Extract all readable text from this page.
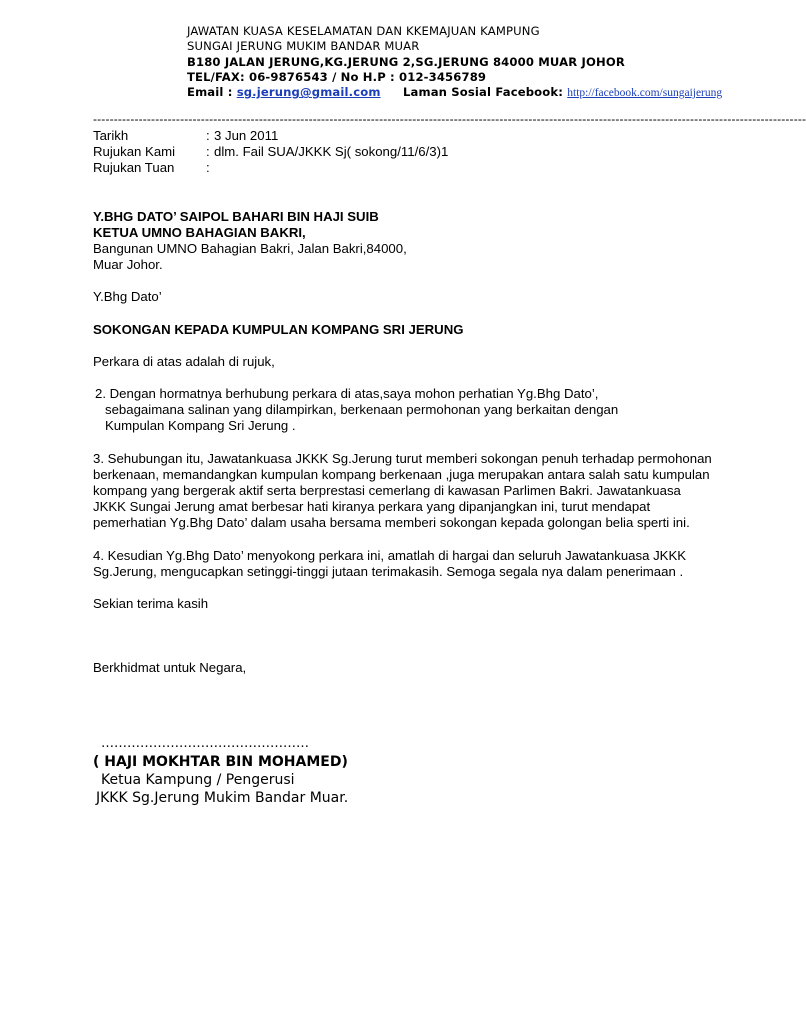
JAWATAN KUASA KESELAMATAN DAN KKEMAJUAN KAMPUNG
SUNGAI JERUNG MUKIM BANDAR MUAR
B180 JALAN JERUNG,KG.JERUNG 2,SG.JERUNG 84000 MUAR JOHOR
TEL/FAX: 06-9876543 / No H.P : 012-3456789
Email : sg.jerung@gmail.com Laman Sosial Facebook: http://facebook.com/sungaijerung
----------------------------------------------------------------------------------------------------------------------------------------------------------------------------
Tarikh	: 3 Jun 2011
Rujukan Kami	: dlm. Fail SUA/JKKK Sj( sokong/11/6/3)1
Rujukan Tuan	:

Y.BHG DATO’ SAIPOL BAHARI BIN HAJI SUIB

KETUA UMNO BAHAGIAN BAKRI,

Bangunan UMNO Bahagian Bakri, Jalan Bakri,84000,

Muar Johor.

Y.Bhg Dato’

SOKONGAN KEPADA KUMPULAN KOMPANG SRI JERUNG

Perkara di atas adalah di rujuk,

2. Dengan hormatnya berhubung perkara di atas,saya mohon perhatian Yg.Bhg Dato’,

sebagaimana salinan yang dilampirkan, berkenaan permohonan yang berkaitan dengan

Kumpulan Kompang Sri Jerung .

3. Sehubungan itu, Jawatankuasa JKKK Sg.Jerung turut memberi sokongan penuh terhadap permohonan

berkenaan, memandangkan kumpulan kompang berkenaan ,juga merupakan antara salah satu kumpulan

kompang yang bergerak aktif serta berprestasi cemerlang di kawasan Parlimen Bakri. Jawatankuasa

JKKK Sungai Jerung amat berbesar hati kiranya perkara yang dipanjangkan ini, turut mendapat

pemerhatian Yg.Bhg Dato’ dalam usaha bersama memberi sokongan kepada golongan belia sperti ini.

4. Kesudian Yg.Bhg Dato’ menyokong perkara ini, amatlah di hargai dan seluruh Jawatankuasa JKKK

Sg.Jerung, mengucapkan setinggi-tinggi jutaan terimakasih. Semoga segala nya dalam penerimaan .

Sekian terima kasih

Berkhidmat untuk Negara,

…………………………………………

( HAJI MOKHTAR BIN MOHAMED)

Ketua Kampung / Pengerusi

JKKK Sg.Jerung Mukim Bandar Muar.
